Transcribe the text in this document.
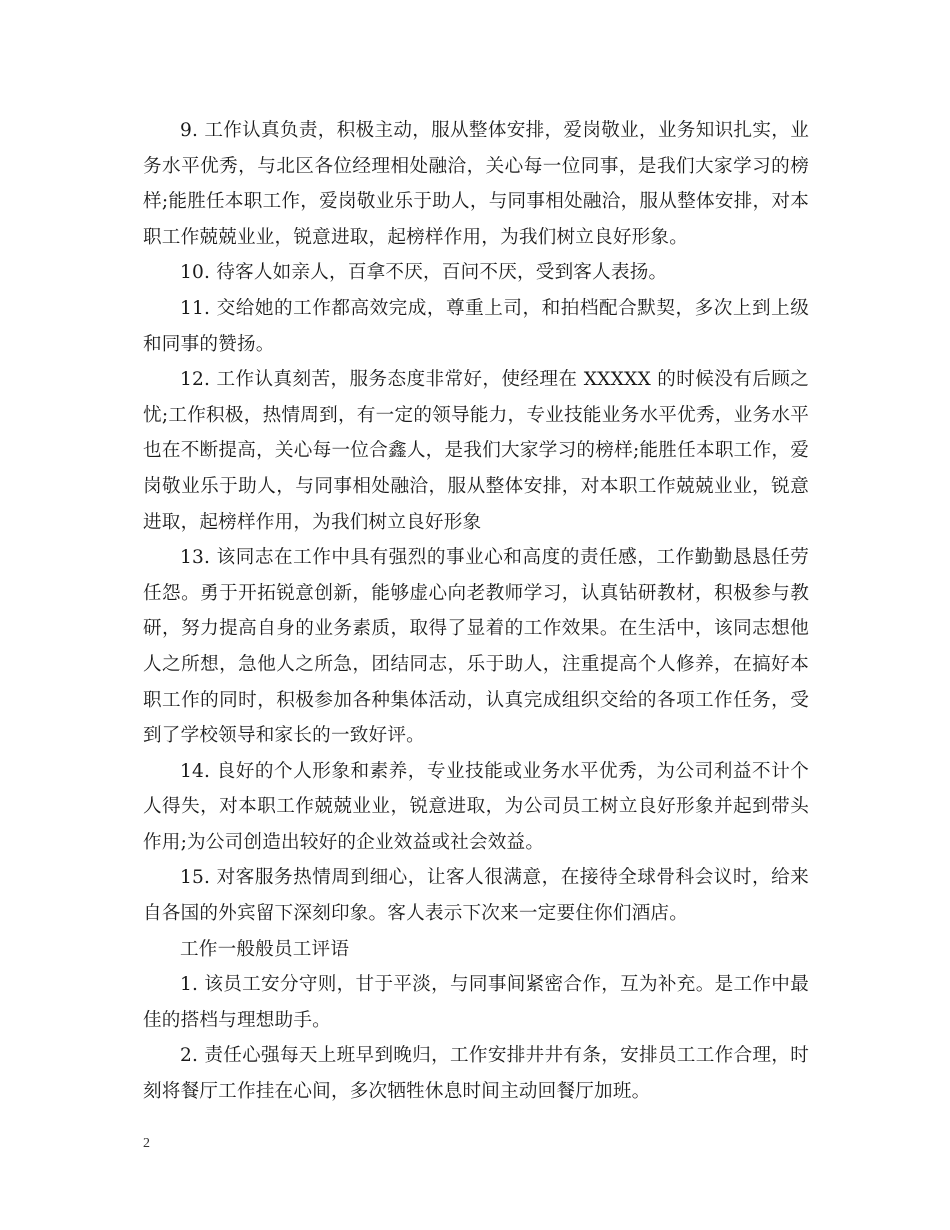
9. 工作认真负责，积极主动，服从整体安排，爱岗敬业，业务知识扎实，业务水平优秀，与北区各位经理相处融洽，关心每一位同事，是我们大家学习的榜样;能胜任本职工作，爱岗敬业乐于助人，与同事相处融洽，服从整体安排，对本职工作兢兢业业，锐意进取，起榜样作用，为我们树立良好形象。

10. 待客人如亲人，百拿不厌，百问不厌，受到客人表扬。

11. 交给她的工作都高效完成，尊重上司，和拍档配合默契，多次上到上级和同事的赞扬。

12. 工作认真刻苦，服务态度非常好，使经理在 XXXXX 的时候没有后顾之忧;工作积极，热情周到，有一定的领导能力，专业技能业务水平优秀，业务水平也在不断提高，关心每一位合鑫人，是我们大家学习的榜样;能胜任本职工作，爱岗敬业乐于助人，与同事相处融洽，服从整体安排，对本职工作兢兢业业，锐意进取，起榜样作用，为我们树立良好形象

13. 该同志在工作中具有强烈的事业心和高度的责任感，工作勤勤恳恳任劳任怨。勇于开拓锐意创新，能够虚心向老教师学习，认真钻研教材，积极参与教研，努力提高自身的业务素质，取得了显着的工作效果。在生活中，该同志想他人之所想，急他人之所急，团结同志，乐于助人，注重提高个人修养，在搞好本职工作的同时，积极参加各种集体活动，认真完成组织交给的各项工作任务，受到了学校领导和家长的一致好评。

14. 良好的个人形象和素养，专业技能或业务水平优秀，为公司利益不计个人得失，对本职工作兢兢业业，锐意进取，为公司员工树立良好形象并起到带头作用;为公司创造出较好的企业效益或社会效益。

15. 对客服务热情周到细心，让客人很满意，在接待全球骨科会议时，给来自各国的外宾留下深刻印象。客人表示下次来一定要住你们酒店。

工作一般般员工评语

1. 该员工安分守则，甘于平淡，与同事间紧密合作，互为补充。是工作中最佳的搭档与理想助手。

2. 责任心强每天上班早到晚归，工作安排井井有条，安排员工工作合理，时刻将餐厅工作挂在心间，多次牺牲休息时间主动回餐厅加班。

2
